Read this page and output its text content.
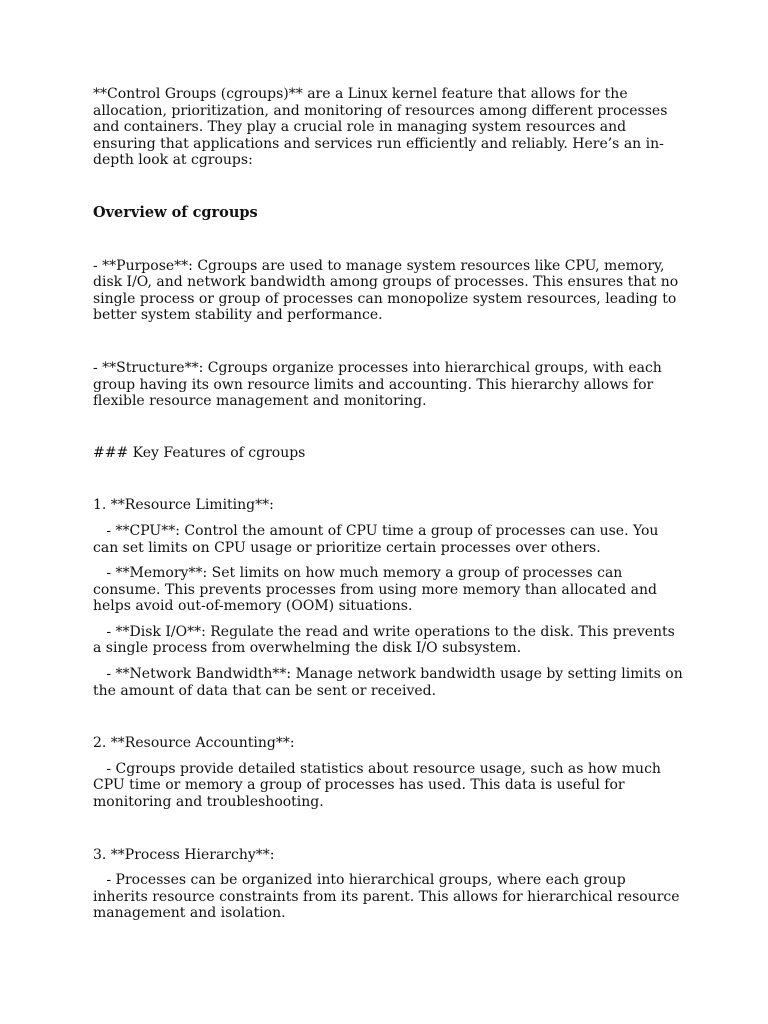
**Control Groups (cgroups)** are a Linux kernel feature that allows for the allocation, prioritization, and monitoring of resources among different processes and containers. They play a crucial role in managing system resources and ensuring that applications and services run efficiently and reliably. Here’s an in-depth look at cgroups:

Overview of cgroups

- **Purpose**: Cgroups are used to manage system resources like CPU, memory, disk I/O, and network bandwidth among groups of processes. This ensures that no single process or group of processes can monopolize system resources, leading to better system stability and performance.

- **Structure**: Cgroups organize processes into hierarchical groups, with each group having its own resource limits and accounting. This hierarchy allows for flexible resource management and monitoring.

### Key Features of cgroups

1. **Resource Limiting**:

- **CPU**: Control the amount of CPU time a group of processes can use. You can set limits on CPU usage or prioritize certain processes over others.

- **Memory**: Set limits on how much memory a group of processes can consume. This prevents processes from using more memory than allocated and helps avoid out-of-memory (OOM) situations.

- **Disk I/O**: Regulate the read and write operations to the disk. This prevents a single process from overwhelming the disk I/O subsystem.

- **Network Bandwidth**: Manage network bandwidth usage by setting limits on the amount of data that can be sent or received.

2. **Resource Accounting**:

- Cgroups provide detailed statistics about resource usage, such as how much CPU time or memory a group of processes has used. This data is useful for monitoring and troubleshooting.

3. **Process Hierarchy**:

- Processes can be organized into hierarchical groups, where each group inherits resource constraints from its parent. This allows for hierarchical resource management and isolation.
